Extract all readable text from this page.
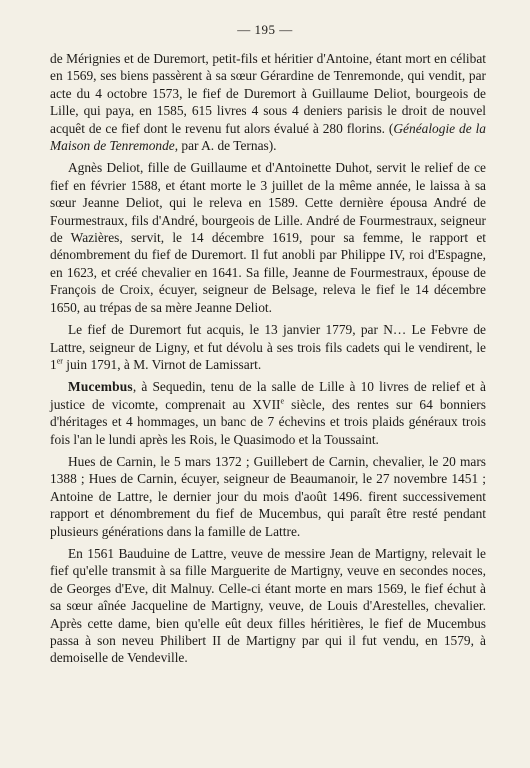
— 195 —

de Mérignies et de Duremort, petit-fils et héritier d'Antoine, étant mort en célibat en 1569, ses biens passèrent à sa sœur Gérardine de Tenremonde, qui vendit, par acte du 4 octobre 1573, le fief de Duremort à Guillaume Deliot, bourgeois de Lille, qui paya, en 1585, 615 livres 4 sous 4 deniers parisis le droit de nouvel acquêt de ce fief dont le revenu fut alors évalué à 280 florins. (Généalogie de la Maison de Tenremonde, par A. de Ternas).

Agnès Deliot, fille de Guillaume et d'Antoinette Duhot, servit le relief de ce fief en février 1588, et étant morte le 3 juillet de la même année, le laissa à sa sœur Jeanne Deliot, qui le releva en 1589. Cette dernière épousa André de Fourmestraux, fils d'André, bourgeois de Lille. André de Fourmestraux, seigneur de Wazières, servit, le 14 décembre 1619, pour sa femme, le rapport et dénombrement du fief de Duremort. Il fut anobli par Philippe IV, roi d'Espagne, en 1623, et créé chevalier en 1641. Sa fille, Jeanne de Fourmestraux, épouse de François de Croix, écuyer, seigneur de Belsage, releva le fief le 14 décembre 1650, au trépas de sa mère Jeanne Deliot.

Le fief de Duremort fut acquis, le 13 janvier 1779, par N… Le Febvre de Lattre, seigneur de Ligny, et fut dévolu à ses trois fils cadets qui le vendirent, le 1er juin 1791, à M. Virnot de Lamissart.

Mucembus, à Sequedin, tenu de la salle de Lille à 10 livres de relief et à justice de vicomte, comprenait au XVIIe siècle, des rentes sur 64 bonniers d'héritages et 4 hommages, un banc de 7 échevins et trois plaids généraux trois fois l'an le lundi après les Rois, le Quasimodo et la Toussaint.

Hues de Carnin, le 5 mars 1372 ; Guillebert de Carnin, chevalier, le 20 mars 1388 ; Hues de Carnin, écuyer, seigneur de Beaumanoir, le 27 novembre 1451 ; Antoine de Lattre, le dernier jour du mois d'août 1496. firent successivement rapport et dénombrement du fief de Mucembus, qui paraît être resté pendant plusieurs générations dans la famille de Lattre.

En 1561 Bauduine de Lattre, veuve de messire Jean de Martigny, relevait le fief qu'elle transmit à sa fille Marguerite de Martigny, veuve en secondes noces, de Georges d'Eve, dit Malnuy. Celle-ci étant morte en mars 1569, le fief échut à sa sœur aînée Jacqueline de Martigny, veuve, de Louis d'Arestelles, chevalier. Après cette dame, bien qu'elle eût deux filles héritières, le fief de Mucembus passa à son neveu Philibert II de Martigny par qui il fut vendu, en 1579, à demoiselle de Vendeville.
